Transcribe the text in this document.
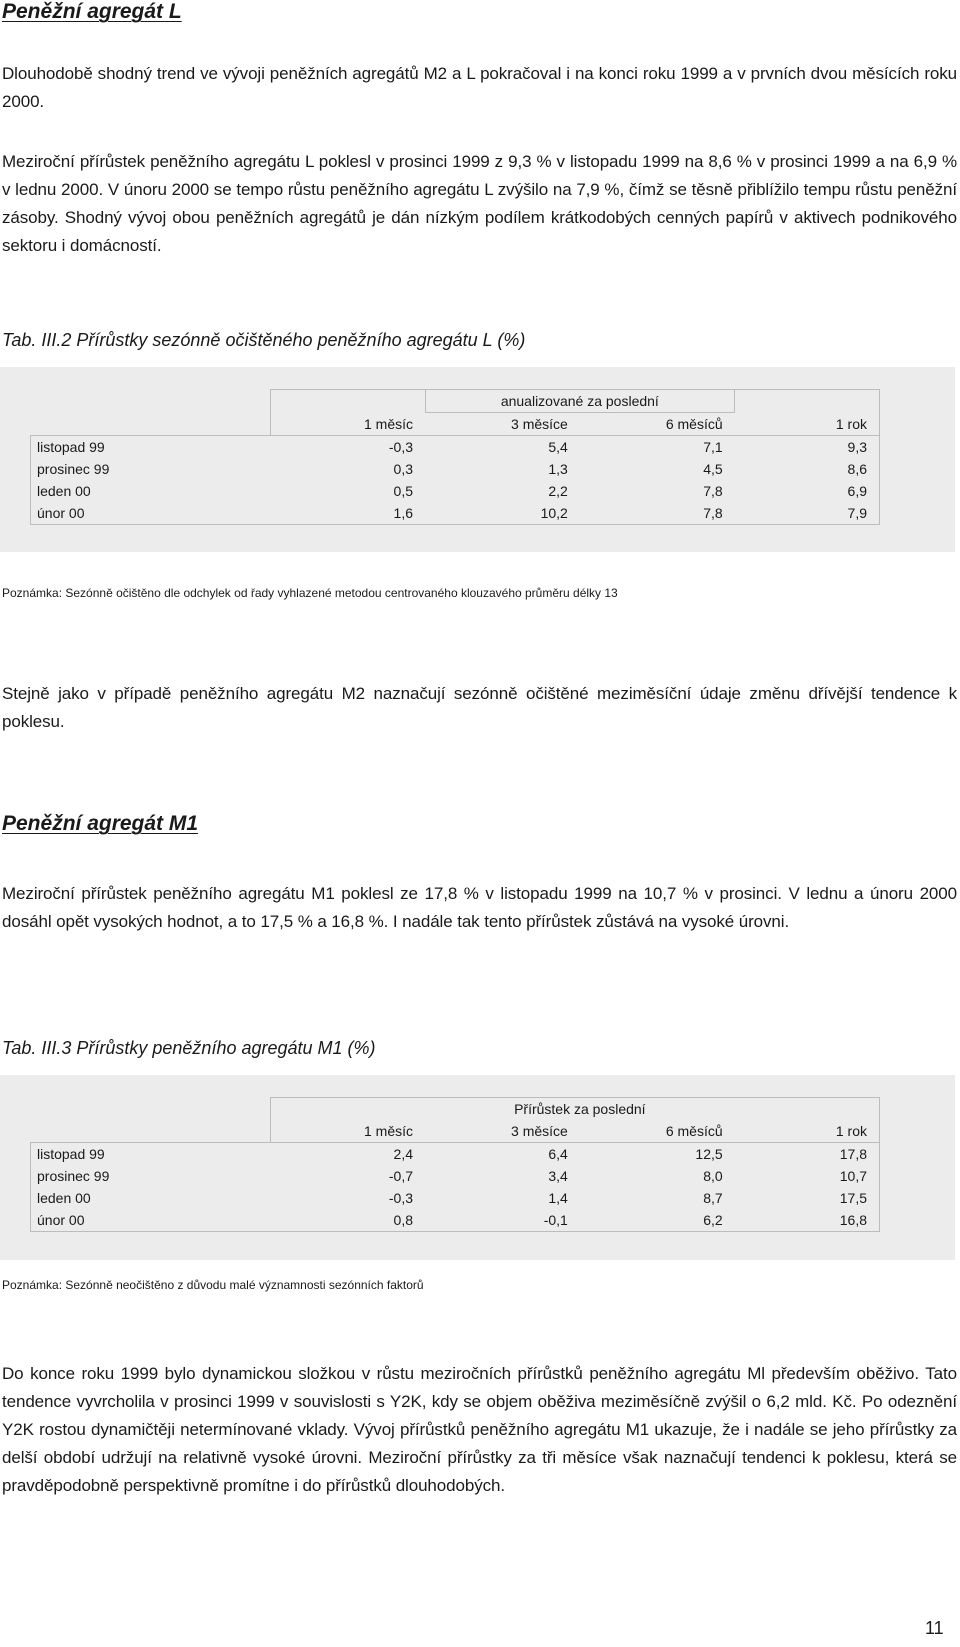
Peněžní agregát L

Dlouhodobě shodný trend ve vývoji peněžních agregátů M2 a L pokračoval i na konci roku 1999 a v prvních dvou měsících roku 2000.

Meziroční přírůstek peněžního agregátu L poklesl v prosinci 1999 z 9,3 % v listopadu 1999 na 8,6 % v prosinci 1999 a na 6,9 % v lednu 2000. V únoru 2000 se tempo růstu peněžního agregátu L zvýšilo na 7,9 %, čímž se těsně přiblížilo tempu růstu peněžní zásoby. Shodný vývoj obou peněžních agregátů je dán nízkým podílem krátkodobých cenných papírů v aktivech podnikového sektoru i domácností.

Tab. III.2 Přírůstky sezónně očištěného peněžního agregátu L (%)

		anualizované za poslední		
	1 měsíc	3 měsíce	6 měsíců	1 rok
listopad 99	-0,3	5,4	7,1	9,3
prosinec 99	0,3	1,3	4,5	8,6
leden 00	0,5	2,2	7,8	6,9
únor 00	1,6	10,2	7,8	7,9

Poznámka: Sezónně očištěno dle odchylek od řady vyhlazené metodou centrovaného klouzavého průměru délky 13

Stejně jako v případě peněžního agregátu M2 naznačují sezónně očištěné meziměsíční údaje změnu dřívější tendence k poklesu.

Peněžní agregát M1

Meziroční přírůstek peněžního agregátu M1 poklesl ze 17,8 % v listopadu 1999 na 10,7 % v prosinci. V lednu a únoru 2000 dosáhl opět vysokých hodnot, a to 17,5 % a 16,8 %. I nadále tak tento přírůstek zůstává na vysoké úrovni.

Tab. III.3 Přírůstky peněžního agregátu M1 (%)

		Přírůstek za poslední		
	1 měsíc	3 měsíce	6 měsíců	1 rok
listopad 99	2,4	6,4	12,5	17,8
prosinec 99	-0,7	3,4	8,0	10,7
leden 00	-0,3	1,4	8,7	17,5
únor 00	0,8	-0,1	6,2	16,8

Poznámka: Sezónně neočištěno z důvodu malé významnosti sezónních faktorů

Do konce roku 1999 bylo dynamickou složkou v růstu meziročních přírůstků peněžního agregátu Ml především oběživo. Tato tendence vyvrcholila v prosinci 1999 v souvislosti s Y2K, kdy se objem oběživa meziměsíčně zvýšil o 6,2 mld. Kč. Po odeznění Y2K rostou dynamičtěji netermínované vklady. Vývoj přírůstků peněžního agregátu M1 ukazuje, že i nadále se jeho přírůstky za delší období udržují na relativně vysoké úrovni. Meziroční přírůstky za tři měsíce však naznačují tendenci k poklesu, která se pravděpodobně perspektivně promítne i do přírůstků dlouhodobých.

11
